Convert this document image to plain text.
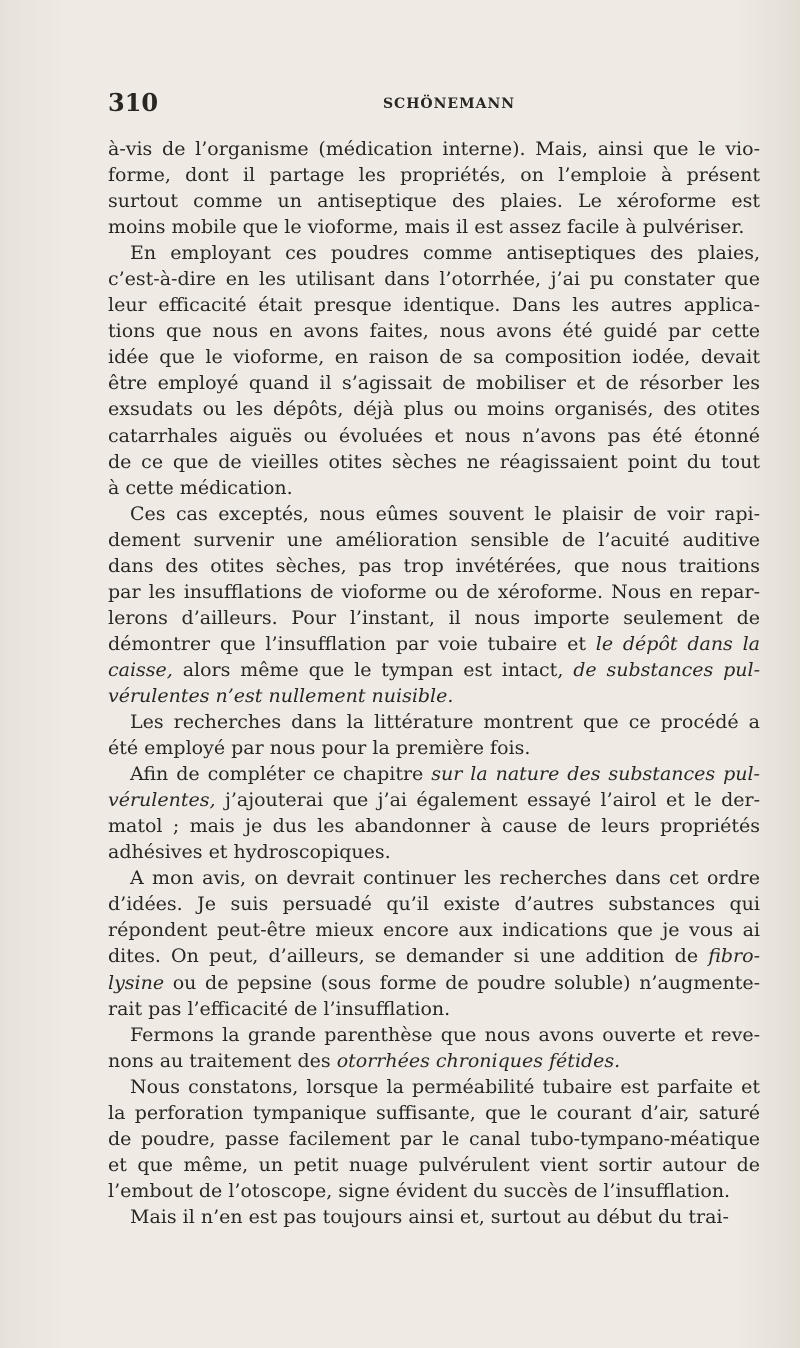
310	SCHÖNEMANN
à-vis de l’organisme (médication interne). Mais, ainsi que le vio-
forme, dont il partage les propriétés, on l’emploie à présent
surtout comme un antiseptique des plaies. Le xéroforme est
moins mobile que le vioforme, mais il est assez facile à pulvériser.
En employant ces poudres comme antiseptiques des plaies,
c’est-à-dire en les utilisant dans l’otorrhée, j’ai pu constater que
leur efficacité était presque identique. Dans les autres applica-
tions que nous en avons faites, nous avons été guidé par cette
idée que le vioforme, en raison de sa composition iodée, devait
être employé quand il s’agissait de mobiliser et de résorber les
exsudats ou les dépôts, déjà plus ou moins organisés, des otites
catarrhales aiguës ou évoluées et nous n’avons pas été étonné
de ce que de vieilles otites sèches ne réagissaient point du tout
à cette médication.
Ces cas exceptés, nous eûmes souvent le plaisir de voir rapi-
dement survenir une amélioration sensible de l’acuité auditive
dans des otites sèches, pas trop invétérées, que nous traitions
par les insufflations de vioforme ou de xéroforme. Nous en repar-
lerons d’ailleurs. Pour l’instant, il nous importe seulement de
démontrer que l’insufflation par voie tubaire et le dépôt dans la
caisse, alors même que le tympan est intact, de substances pul-
vérulentes n’est nullement nuisible.
Les recherches dans la littérature montrent que ce procédé a
été employé par nous pour la première fois.
Afin de compléter ce chapitre sur la nature des substances pul-
vérulentes, j’ajouterai que j’ai également essayé l’airol et le der-
matol ; mais je dus les abandonner à cause de leurs propriétés
adhésives et hydroscopiques.
A mon avis, on devrait continuer les recherches dans cet ordre
d’idées. Je suis persuadé qu’il existe d’autres substances qui
répondent peut-être mieux encore aux indications que je vous ai
dites. On peut, d’ailleurs, se demander si une addition de fibro-
lysine ou de pepsine (sous forme de poudre soluble) n’augmente-
rait pas l’efficacité de l’insufflation.
Fermons la grande parenthèse que nous avons ouverte et reve-
nons au traitement des otorrhées chroniques fétides.
Nous constatons, lorsque la perméabilité tubaire est parfaite et
la perforation tympanique suffisante, que le courant d’air, saturé
de poudre, passe facilement par le canal tubo-tympano-méatique
et que même, un petit nuage pulvérulent vient sortir autour de
l’embout de l’otoscope, signe évident du succès de l’insufflation.
Mais il n’en est pas toujours ainsi et, surtout au début du trai-
